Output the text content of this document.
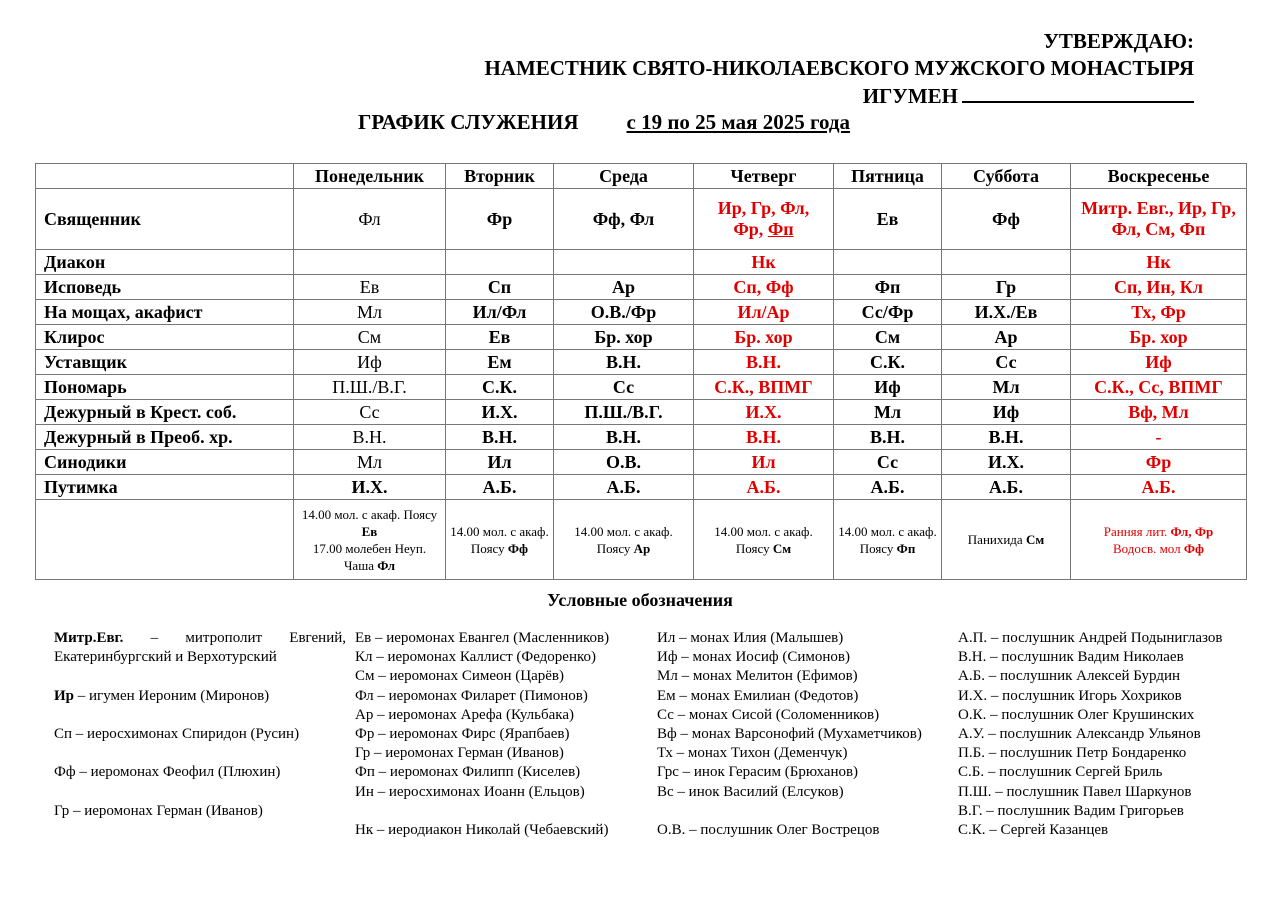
УТВЕРЖДАЮ:
НАМЕСТНИК СВЯТО-НИКОЛАЕВСКОГО МУЖСКОГО МОНАСТЫРЯ
ИГУМЕН
ГРАФИК СЛУЖЕНИЯ с 19 по 25 мая 2025 года
	Понедельник	Вторник	Среда	Четверг	Пятница	Суббота	Воскресенье
Священник	Фл	Фр	Фф, Фл	Ир, Гр, Фл,
Фр, Фп	Ев	Фф	Митр. Евг., Ир, Гр, Фл, См, Фп
Диакон				Нк			Нк
Исповедь	Ев	Сп	Ар	Сп, Фф	Фп	Гр	Сп, Ин, Кл
На мощах, акафист	Мл	Ил/Фл	О.В./Фр	Ил/Ар	Сс/Фр	И.Х./Ев	Тх, Фр
Клирос	См	Ев	Бр. хор	Бр. хор	См	Ар	Бр. хор
Уставщик	Иф	Ем	В.Н.	В.Н.	С.К.	Сс	Иф
Пономарь	П.Ш./В.Г.	С.К.	Сс	С.К., ВПМГ	Иф	Мл	С.К., Сс, ВПМГ
Дежурный в Крест. соб.	Сс	И.Х.	П.Ш./В.Г.	И.Х.	Мл	Иф	Вф, Мл
Дежурный в Преоб. хр.	В.Н.	В.Н.	В.Н.	В.Н.	В.Н.	В.Н.	-
Синодики	Мл	Ил	О.В.	Ил	Сс	И.Х.	Фр
Путимка	И.Х.	А.Б.	А.Б.	А.Б.	А.Б.	А.Б.	А.Б.
	14.00 мол. с акаф. Поясу Ев
17.00 молебен Неуп. Чаша Фл	14.00 мол. с акаф. Поясу Фф	14.00 мол. с акаф. Поясу Ар	14.00 мол. с акаф. Поясу См	14.00 мол. с акаф. Поясу Фп	Панихида См	Ранняя лит. Фл, Фр
Водосв. мол Фф
Условные обозначения
Митр.Евг. – митрополит Евгений, Екатеринбургский и Верхотурский
Ир – игумен Иероним (Миронов)
Сп – иеросхимонах Спиридон (Русин)
Фф – иеромонах Феофил (Плюхин)
Гр – иеромонах Герман (Иванов)
Ев – иеромонах Евангел (Масленников)
Кл – иеромонах Каллист (Федоренко)
См – иеромонах Симеон (Царёв)
Фл – иеромонах Филарет (Пимонов)
Ар – иеромонах Арефа (Кульбака)
Фр – иеромонах Фирс (Ярапбаев)
Гр – иеромонах Герман (Иванов)
Фп – иеромонах Филипп (Киселев)
Ин – иеросхимонах Иоанн (Ельцов)
Нк – иеродиакон Николай (Чебаевский)
Ил – монах Илия (Малышев)
Иф – монах Иосиф (Симонов)
Мл – монах Мелитон (Ефимов)
Ем – монах Емилиан (Федотов)
Сс – монах Сисой (Соломенников)
Вф – монах Варсонофий (Мухаметчиков)
Тх – монах Тихон (Деменчук)
Грс – инок Герасим (Брюханов)
Вс – инок Василий (Елсуков)
О.В. – послушник Олег Вострецов
А.П. – послушник Андрей Подыниглазов
В.Н. – послушник Вадим Николаев
А.Б. – послушник Алексей Бурдин
И.Х. – послушник Игорь Хохриков
О.К. – послушник Олег Крушинских
А.У. – послушник Александр Ульянов
П.Б. – послушник Петр Бондаренко
С.Б. – послушник Сергей Бриль
П.Ш. – послушник Павел Шаркунов
В.Г. – послушник Вадим Григорьев
С.К. – Сергей Казанцев
